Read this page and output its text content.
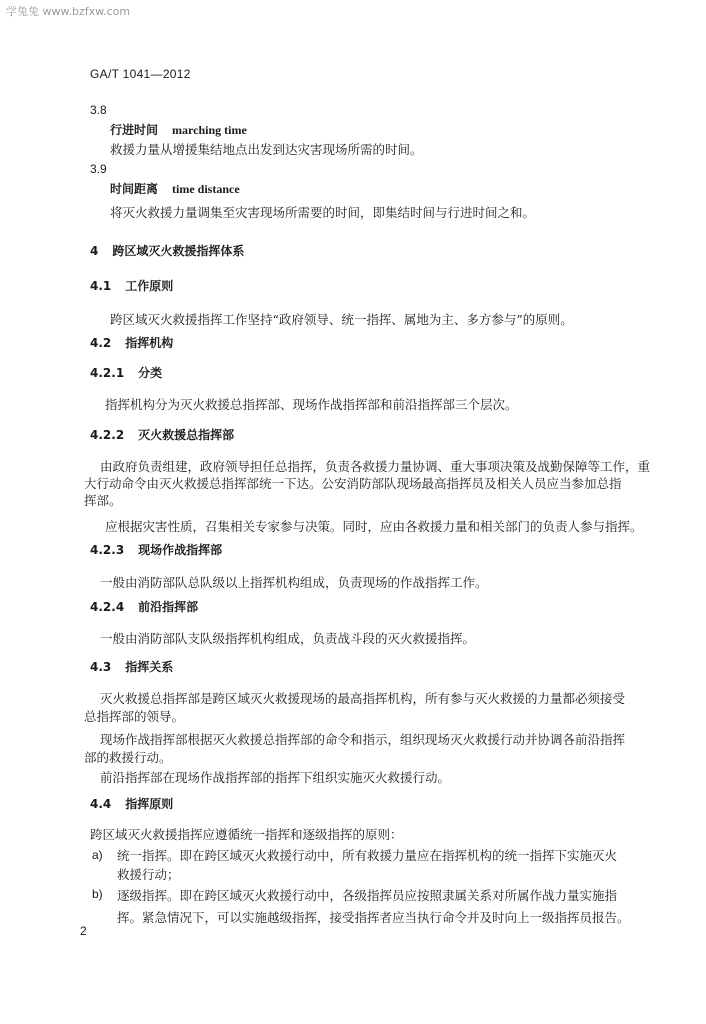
学兔兔 www.bzfxw.com
GA/T 1041—2012
3.8
行进时间 marching time
救援力量从增援集结地点出发到达灾害现场所需的时间。
3.9
时间距离 time distance
将灭火救援力量调集至灾害现场所需要的时间，即集结时间与行进时间之和。
4 跨区域灭火救援指挥体系
4.1 工作原则
跨区域灭火救援指挥工作坚持“政府领导、统一指挥、属地为主、多方参与”的原则。
4.2 指挥机构
4.2.1 分类
指挥机构分为灭火救援总指挥部、现场作战指挥部和前沿指挥部三个层次。
4.2.2 灭火救援总指挥部
由政府负责组建，政府领导担任总指挥，负责各救援力量协调、重大事项决策及战勤保障等工作，重
大行动命令由灭火救援总指挥部统一下达。公安消防部队现场最高指挥员及相关人员应当参加总指
挥部。
应根据灾害性质，召集相关专家参与决策。同时，应由各救援力量和相关部门的负责人参与指挥。
4.2.3 现场作战指挥部
一般由消防部队总队级以上指挥机构组成，负责现场的作战指挥工作。
4.2.4 前沿指挥部
一般由消防部队支队级指挥机构组成，负责战斗段的灭火救援指挥。
4.3 指挥关系
灭火救援总指挥部是跨区域灭火救援现场的最高指挥机构，所有参与灭火救援的力量都必须接受
总指挥部的领导。
现场作战指挥部根据灭火救援总指挥部的命令和指示，组织现场灭火救援行动并协调各前沿指挥
部的救援行动。
前沿指挥部在现场作战指挥部的指挥下组织实施灭火救援行动。
4.4 指挥原则
跨区域灭火救援指挥应遵循统一指挥和逐级指挥的原则：
a) 统一指挥。即在跨区域灭火救援行动中，所有救援力量应在指挥机构的统一指挥下实施灭火
救援行动；
b) 逐级指挥。即在跨区域灭火救援行动中，各级指挥员应按照隶属关系对所属作战力量实施指
挥。紧急情况下，可以实施越级指挥，接受指挥者应当执行命令并及时向上一级指挥员报告。
2
